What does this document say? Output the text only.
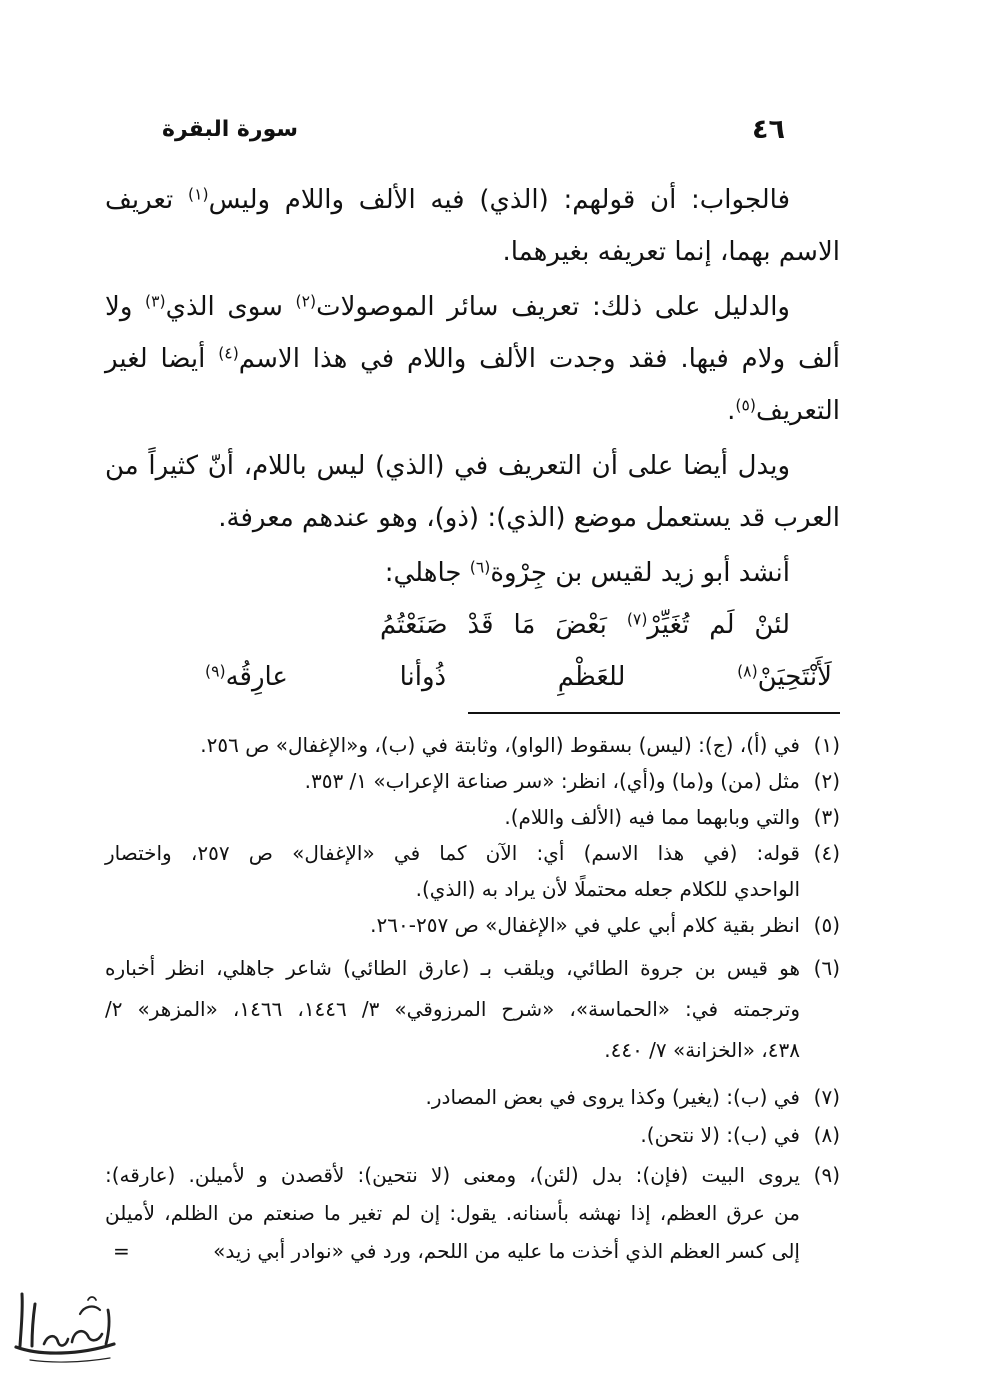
٤٦
سورة البقرة
فالجواب: أن قولهم: (الذي) فيه الألف واللام وليس$^{(١)}$ تعريف
الاسم بهما، إنما تعريفه بغيرهما.
والدليل على ذلك: تعريف سائر الموصولات$^{(٢)}$ سوى الذي$^{(٣)}$ ولا
ألف ولام فيها. فقد وجدت الألف واللام في هذا الاسم$^{(٤)}$ أيضا لغير
التعريف$^{(٥)}$.
ويدل أيضا على أن التعريف في (الذي) ليس باللام، أنّ كثيراً من
العرب قد يستعمل موضع (الذي): (ذو)، وهو عندهم معرفة.
أنشد أبو زيد لقيس بن جِرْوة$^{(٦)}$ جاهلي:
لئنْ لَم تُغَيِّرْ$^{(٧)}$ بَعْضَ مَا قَدْ صَنَعْتُمُ
لَأَنْتَحِيَنْ$^{(٨)}$ للعَظْمِ ذُوأنا عارِقُه$^{(٩)}$
(١)
في (أ)، (ج): (ليس) بسقوط (الواو)، وثابتة في (ب)، و«الإغفال» ص ٢٥٦.
(٢)
مثل (من) و(ما) و(أي)، انظر: «سر صناعة الإعراب» ١/ ٣٥٣.
(٣)
والتي وبابهما مما فيه (الألف واللام).
(٤)
قوله: (في هذا الاسم) أي: الآن كما في «الإغفال» ص ٢٥٧، واختصار
الواحدي للكلام جعله محتملًا لأن يراد به (الذي).
(٥)
انظر بقية كلام أبي علي في «الإغفال» ص ٢٥٧-٢٦٠.
(٦)
هو قيس بن جروة الطائي، ويلقب بـ (عارق الطائي) شاعر جاهلي، انظر أخباره
وترجمته في: «الحماسة»، «شرح المرزوقي» ٣/ ١٤٤٦، ١٤٦٦، «المزهر» ٢/
٤٣٨، «الخزانة» ٧/ ٤٤٠.
(٧)
في (ب): (يغير) وكذا يروى في بعض المصادر.
(٨)
في (ب): (لا نتحن).
(٩)
يروى البيت (فإن): بدل (لئن)، ومعنى (لا نتحين): لأقصدن و لأميلن. (عارقه):
من عرق العظم، إذا نهشه بأسنانه. يقول: إن لم تغير ما صنعتم من الظلم، لأميلن
إلى كسر العظم الذي أخذت ما عليه من اللحم، ورد في «نوادر أبي زيد»
=
